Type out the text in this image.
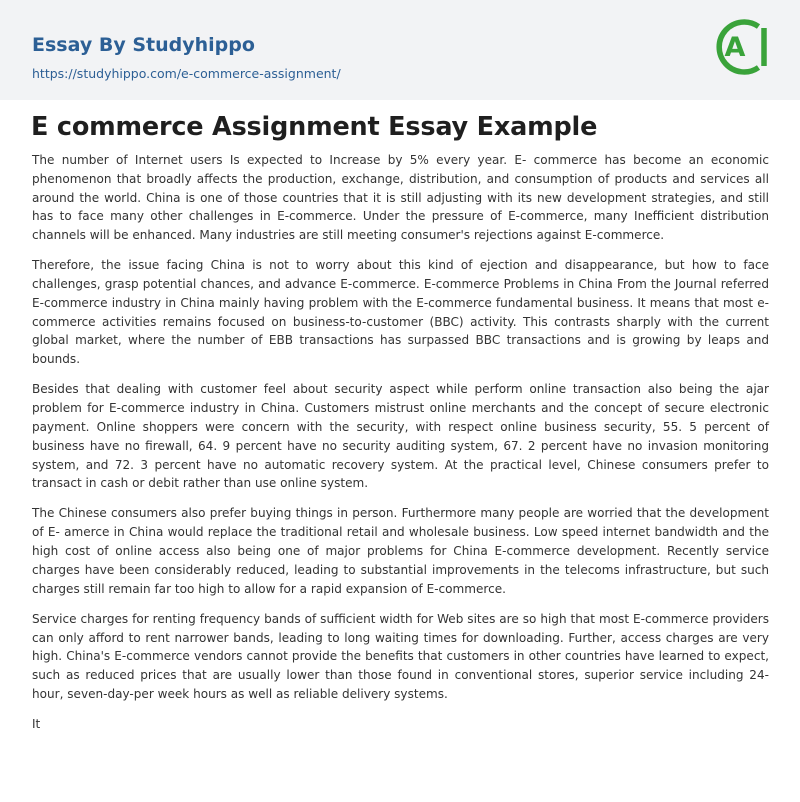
Essay By Studyhippo
https://studyhippo.com/e-commerce-assignment/
A
E commerce Assignment Essay Example

The number of Internet users Is expected to Increase by 5% every year. E- commerce has become an economic phenomenon that broadly affects the production, exchange, distribution, and consumption of products and services all around the world. China is one of those countries that it is still adjusting with its new development strategies, and still has to face many other challenges in E-commerce. Under the pressure of E-commerce, many Inefficient distribution channels will be enhanced. Many industries are still meeting consumer's rejections against E-commerce.

Therefore, the issue facing China is not to worry about this kind of ejection and disappearance, but how to face challenges, grasp potential chances, and advance E-commerce. E-commerce Problems in China From the Journal referred E-commerce industry in China mainly having problem with the E-commerce fundamental business. It means that most e-commerce activities remains focused on business-to-customer (BBC) activity. This contrasts sharply with the current global market, where the number of EBB transactions has surpassed BBC transactions and is growing by leaps and bounds.

Besides that dealing with customer feel about security aspect while perform online transaction also being the ajar problem for E-commerce industry in China. Customers mistrust online merchants and the concept of secure electronic payment. Online shoppers were concern with the security, with respect online business security, 55. 5 percent of business have no firewall, 64. 9 percent have no security auditing system, 67. 2 percent have no invasion monitoring system, and 72. 3 percent have no automatic recovery system. At the practical level, Chinese consumers prefer to transact in cash or debit rather than use online system.

The Chinese consumers also prefer buying things in person. Furthermore many people are worried that the development of E- amerce in China would replace the traditional retail and wholesale business. Low speed internet bandwidth and the high cost of online access also being one of major problems for China E-commerce development. Recently service charges have been considerably reduced, leading to substantial improvements in the telecoms infrastructure, but such charges still remain far too high to allow for a rapid expansion of E-commerce.

Service charges for renting frequency bands of sufficient width for Web sites are so high that most E-commerce providers can only afford to rent narrower bands, leading to long waiting times for downloading. Further, access charges are very high. China's E-commerce vendors cannot provide the benefits that customers in other countries have learned to expect, such as reduced prices that are usually lower than those found in conventional stores, superior service including 24- hour, seven-day-per week hours as well as reliable delivery systems.

It
